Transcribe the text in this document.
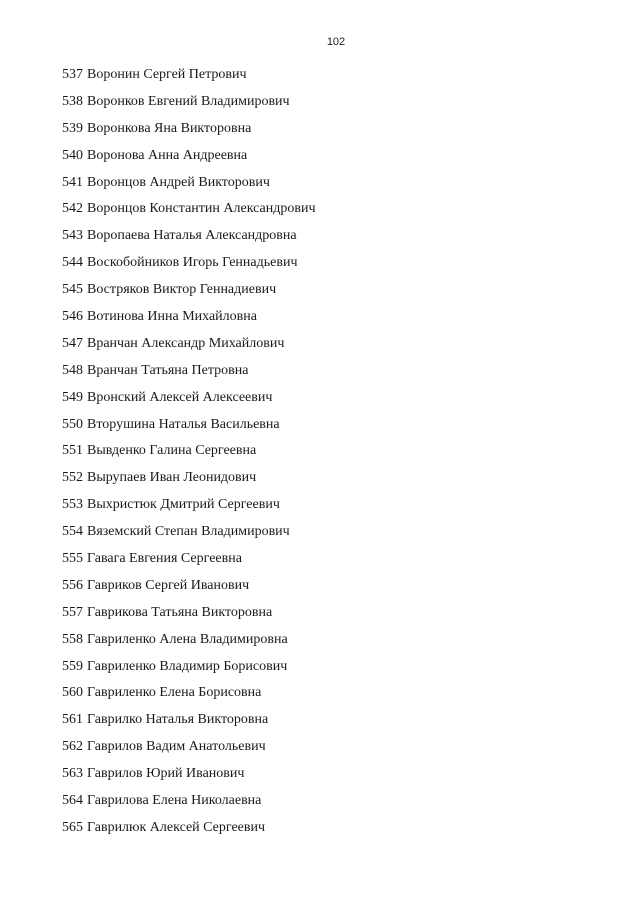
102
537 Воронин Сергей Петрович
538 Воронков Евгений Владимирович
539 Воронкова Яна Викторовна
540 Воронова Анна Андреевна
541 Воронцов Андрей Викторович
542 Воронцов Константин Александрович
543 Воропаева Наталья Александровна
544 Воскобойников Игорь Геннадьевич
545 Востряков Виктор Геннадиевич
546 Вотинова Инна Михайловна
547 Вранчан Александр Михайлович
548 Вранчан Татьяна Петровна
549 Вронский Алексей Алексеевич
550 Вторушина Наталья Васильевна
551 Вывденко Галина Сергеевна
552 Вырупаев Иван Леонидович
553 Выхристюк Дмитрий Сергеевич
554 Вяземский Степан Владимирович
555 Гавага Евгения Сергеевна
556 Гавриков Сергей Иванович
557 Гаврикова Татьяна Викторовна
558 Гавриленко Алена Владимировна
559 Гавриленко Владимир Борисович
560 Гавриленко Елена Борисовна
561 Гаврилко Наталья Викторовна
562 Гаврилов Вадим Анатольевич
563 Гаврилов Юрий Иванович
564 Гаврилова Елена Николаевна
565 Гаврилюк Алексей Сергеевич
